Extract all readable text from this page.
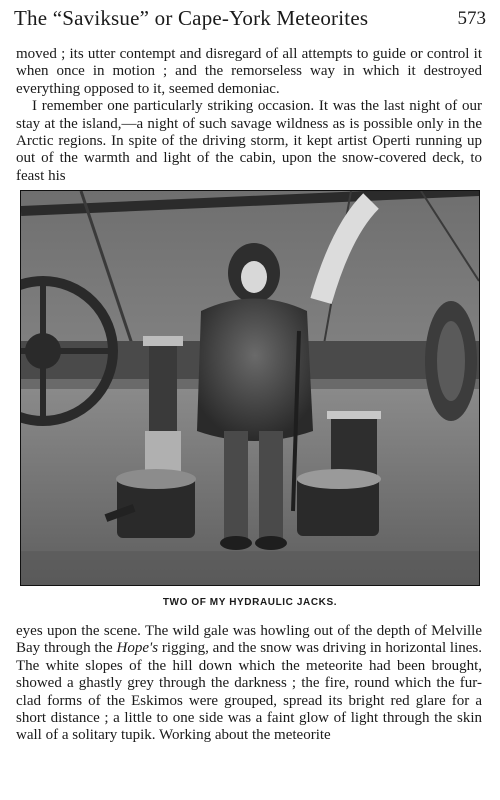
The “Saviksue” or Cape-York Meteorites	573

moved ; its utter contempt and disregard of all attempts to guide or control it when once in motion ; and the remorseless way in which it destroyed everything opposed to it, seemed demoniac.

I remember one particularly striking occasion. It was the last night of our stay at the island,—a night of such savage wildness as is possible only in the Arctic regions. In spite of the driving storm, it kept artist Operti running up out of the warmth and light of the cabin, upon the snow-covered deck, to feast his

TWO OF MY HYDRAULIC JACKS.

eyes upon the scene. The wild gale was howling out of the depth of Melville Bay through the Hope's rigging, and the snow was driving in horizontal lines. The white slopes of the hill down which the meteorite had been brought, showed a ghastly grey through the darkness ; the fire, round which the fur-clad forms of the Eskimos were grouped, spread its bright red glare for a short distance ; a little to one side was a faint glow of light through the skin wall of a solitary tupik. Working about the meteorite
